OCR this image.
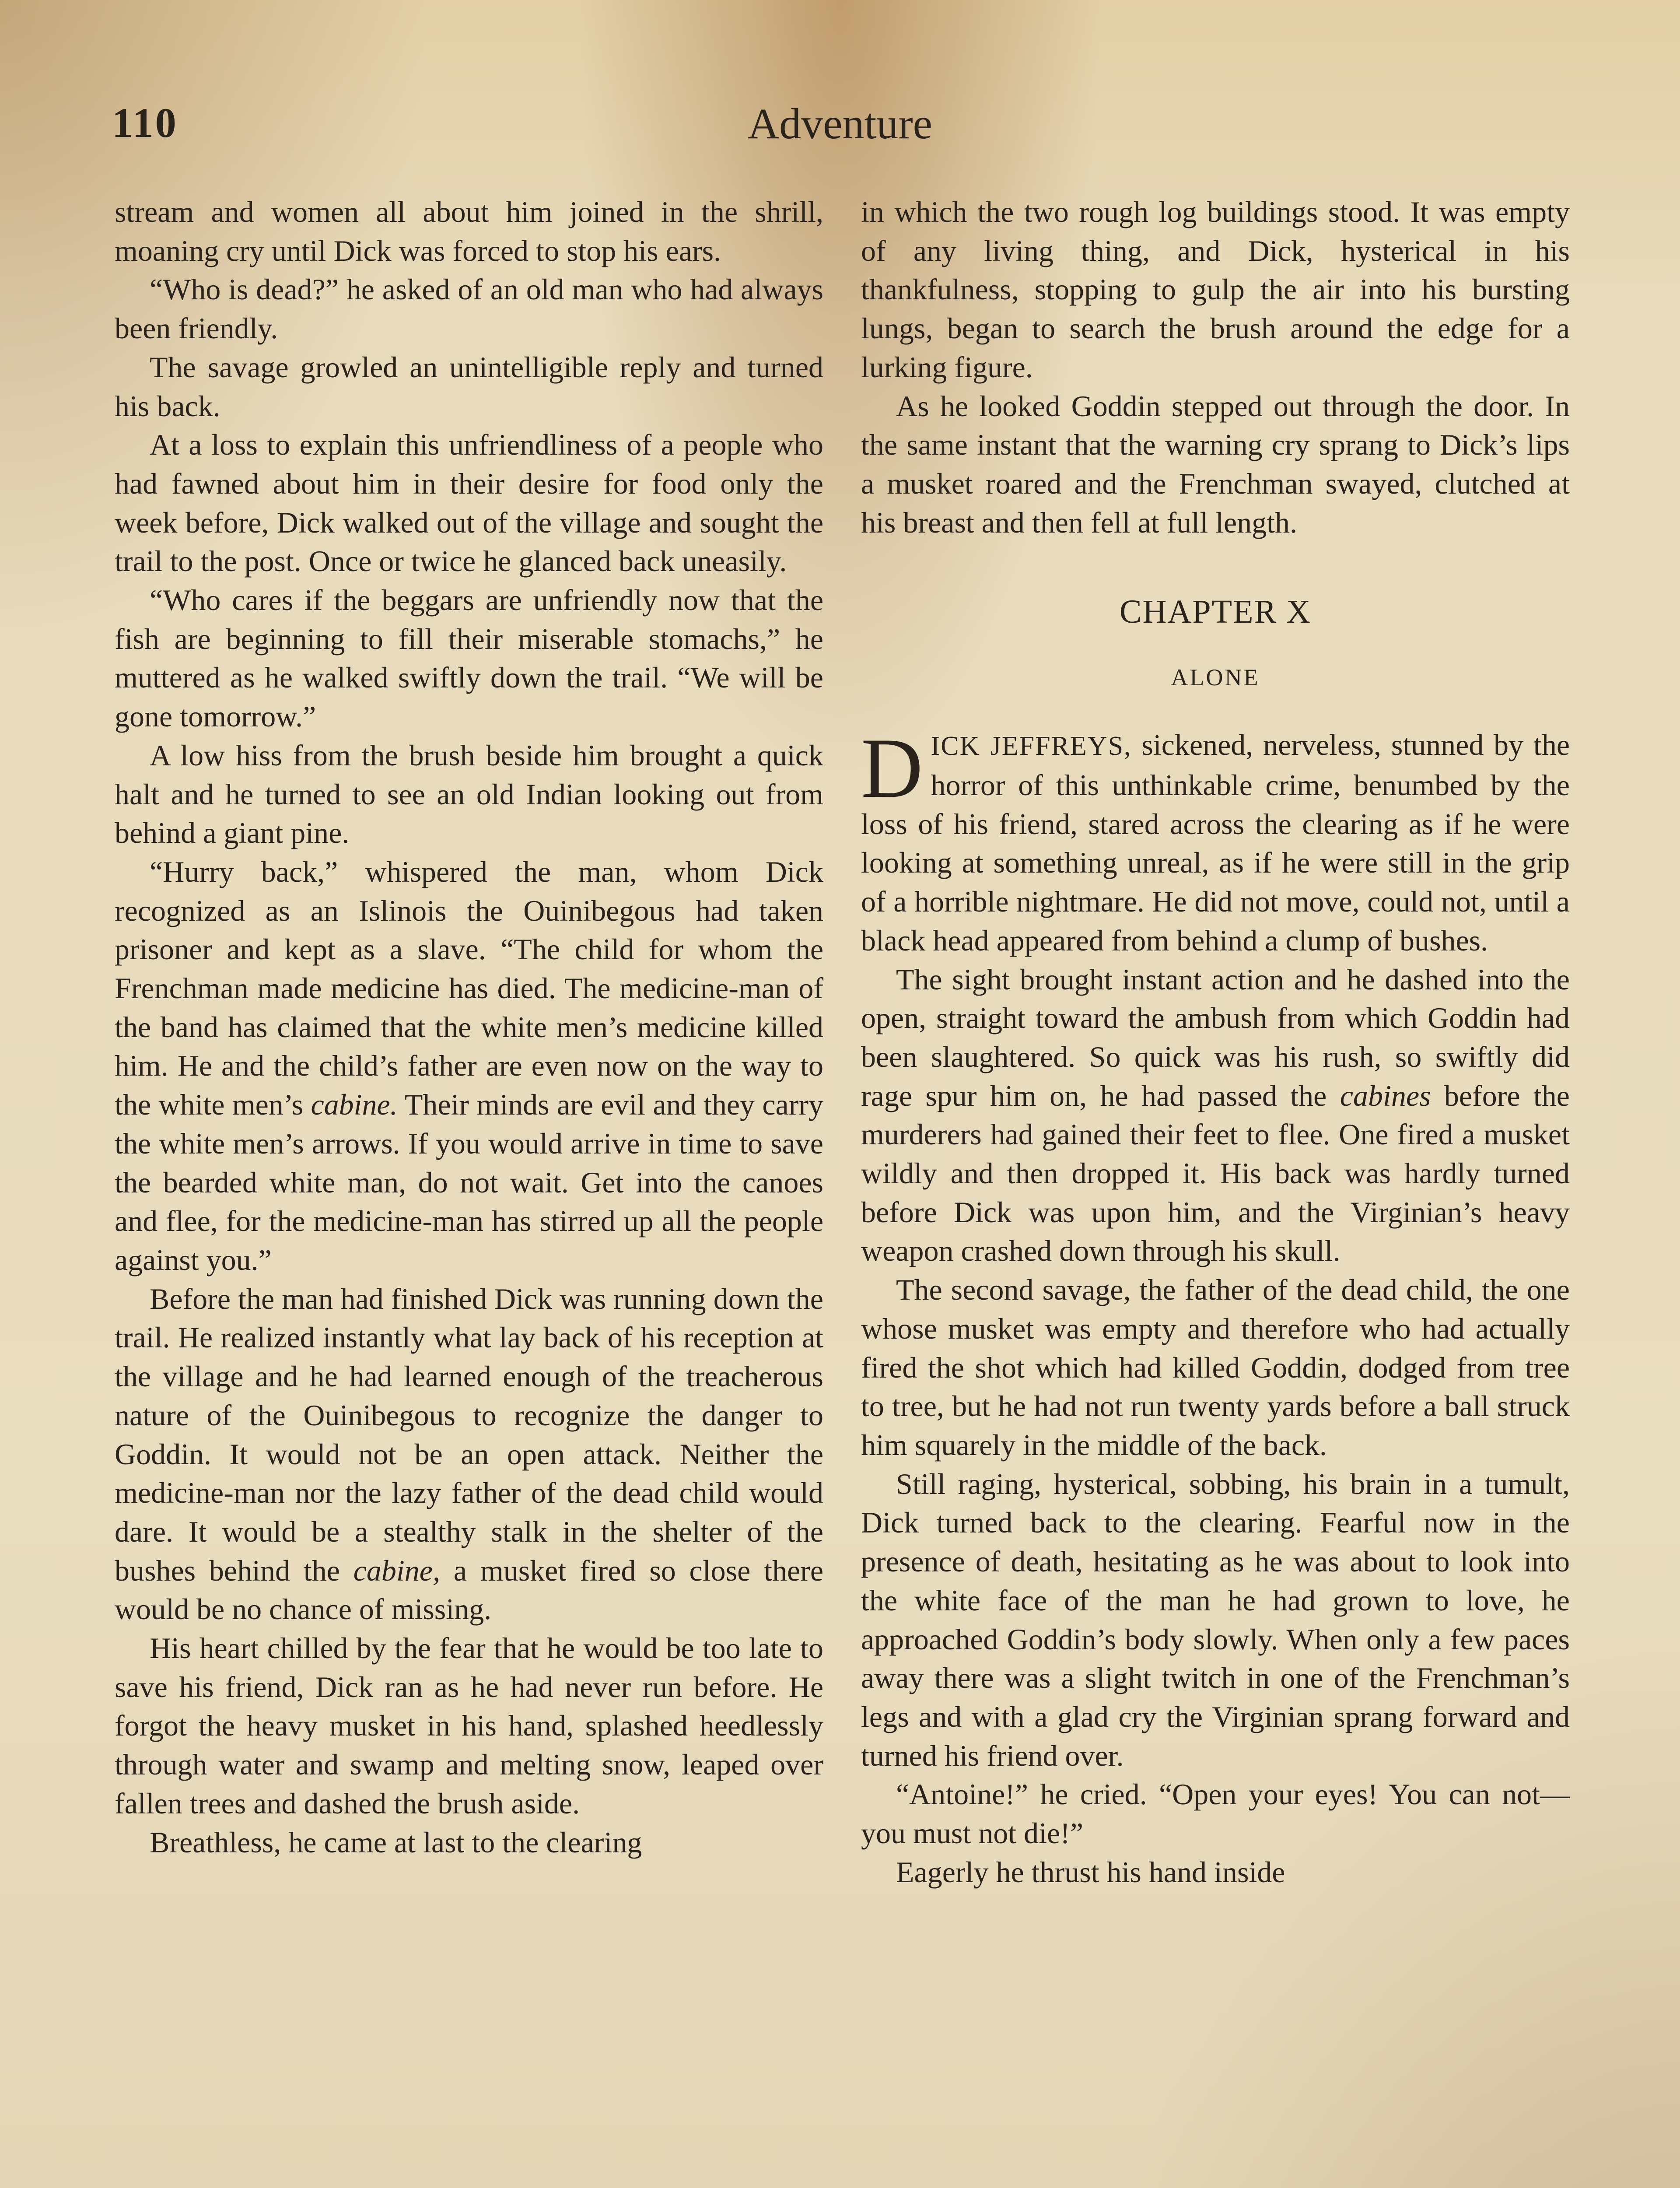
110	Adventure

stream and women all about him joined in the shrill, moaning cry until Dick was forced to stop his ears.

“Who is dead?” he asked of an old man who had always been friendly.

The savage growled an unintelligible reply and turned his back.

At a loss to explain this unfriendliness of a people who had fawned about him in their desire for food only the week before, Dick walked out of the village and sought the trail to the post. Once or twice he glanced back uneasily.

“Who cares if the beggars are unfriendly now that the fish are beginning to fill their miserable stomachs,” he muttered as he walked swiftly down the trail. “We will be gone tomorrow.”

A low hiss from the brush beside him brought a quick halt and he turned to see an old Indian looking out from behind a giant pine.

“Hurry back,” whispered the man, whom Dick recognized as an Islinois the Ouinibegous had taken prisoner and kept as a slave. “The child for whom the Frenchman made medicine has died. The medicine-man of the band has claimed that the white men’s medicine killed him. He and the child’s father are even now on the way to the white men’s cabine. Their minds are evil and they carry the white men’s arrows. If you would arrive in time to save the bearded white man, do not wait. Get into the canoes and flee, for the medicine-man has stirred up all the people against you.”

Before the man had finished Dick was running down the trail. He realized instantly what lay back of his reception at the village and he had learned enough of the treacherous nature of the Ouinibegous to recognize the danger to Goddin. It would not be an open attack. Neither the medicine-man nor the lazy father of the dead child would dare. It would be a stealthy stalk in the shelter of the bushes behind the cabine, a musket fired so close there would be no chance of missing.

His heart chilled by the fear that he would be too late to save his friend, Dick ran as he had never run before. He forgot the heavy musket in his hand, splashed heedlessly through water and swamp and melting snow, leaped over fallen trees and dashed the brush aside.

Breathless, he came at last to the clearing

in which the two rough log buildings stood. It was empty of any living thing, and Dick, hysterical in his thankfulness, stopping to gulp the air into his bursting lungs, began to search the brush around the edge for a lurking figure.

As he looked Goddin stepped out through the door. In the same instant that the warning cry sprang to Dick’s lips a musket roared and the Frenchman swayed, clutched at his breast and then fell at full length.

CHAPTER X
ALONE

DICK JEFFREYS, sickened, nerveless, stunned by the horror of this unthinkable crime, benumbed by the loss of his friend, stared across the clearing as if he were looking at something unreal, as if he were still in the grip of a horrible nightmare. He did not move, could not, until a black head appeared from behind a clump of bushes.

The sight brought instant action and he dashed into the open, straight toward the ambush from which Goddin had been slaughtered. So quick was his rush, so swiftly did rage spur him on, he had passed the cabines before the murderers had gained their feet to flee. One fired a musket wildly and then dropped it. His back was hardly turned before Dick was upon him, and the Virginian’s heavy weapon crashed down through his skull.

The second savage, the father of the dead child, the one whose musket was empty and therefore who had actually fired the shot which had killed Goddin, dodged from tree to tree, but he had not run twenty yards before a ball struck him squarely in the middle of the back.

Still raging, hysterical, sobbing, his brain in a tumult, Dick turned back to the clearing. Fearful now in the presence of death, hesitating as he was about to look into the white face of the man he had grown to love, he approached Goddin’s body slowly. When only a few paces away there was a slight twitch in one of the Frenchman’s legs and with a glad cry the Virginian sprang forward and turned his friend over.

“Antoine!” he cried. “Open your eyes! You can not—you must not die!”

Eagerly he thrust his hand inside
